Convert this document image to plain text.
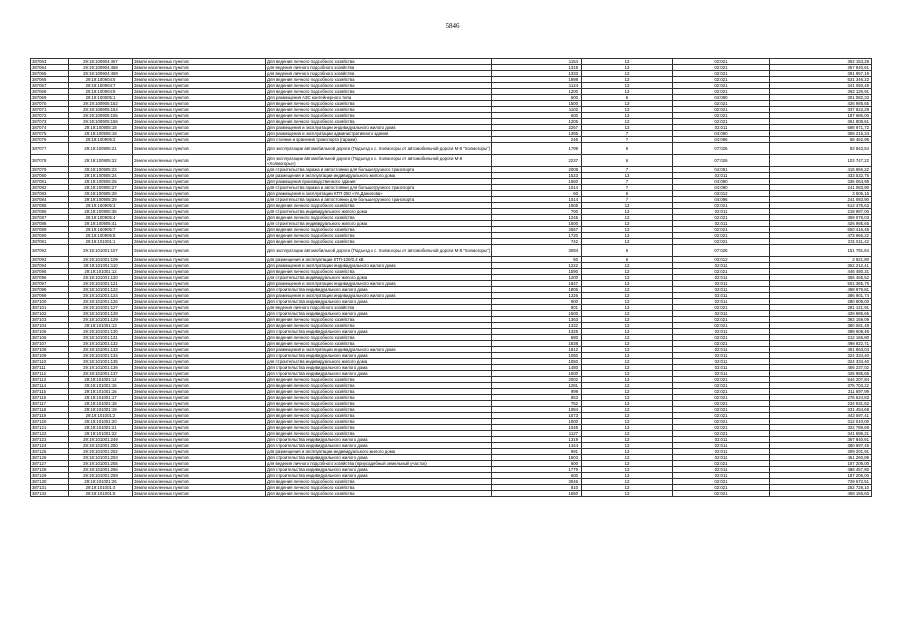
5846
387063	29:19:100904:467	Земли населенных пунктов	Для ведения личного подсобного хозяйства	1154	13	02:021	352 153,28
387064	29:19:100904:468	Земли населенных пунктов	для ведения личного подсобного хозяйства	1319	13	02:021	367 840,61
387065	29:19:100904:469	Земли населенных пунктов	для ведения личного подсобного хозяйства	1333	13	02:021	391 957,19
387066	29:19:100904:6	Земли населенных пунктов	Для ведения личного подсобного хозяйства	1998	13	02:021	531 346,22
387067	29:19:100904:7	Земли населенных пунктов	Для ведения личного подсобного хозяйства	1124	13	02:021	341 050,49
387068	29:19:100904:9	Земли населенных пунктов	Для ведения личного подсобного хозяйства	1200	13	02:021	362 126,91
387069	29:19:100905:1	Земли населенных пунктов	Для размещения АЗС контейнерного типа	600	6	04:090	301 082,33
387070	29:19:100905:152	Земли населенных пунктов	Для ведения личного подсобного хозяйства	1500	13	02:021	426 985,65
387071	29:19:100905:154	Земли населенных пунктов	Для ведения личного подсобного хозяйства	1102	13	02:021	337 822,29
387072	29:19:100905:155	Земли населенных пунктов	Для ведения личного подсобного хозяйства	600	13	02:021	187 686,00
387073	29:19:100905:156	Земли населенных пунктов	Для ведения личного подсобного хозяйства	1205	13	02:021	361 808,61
387074	29:19:100905:18	Земли населенных пунктов	Для размещения и эксплуатации индивидуального жилого дома	2267	13	02:011	598 971,72
387075	29:19:100905:19	Земли населенных пунктов	Для размещения и эксплуатации административного здания	1385	7	04:090	365 215,34
387076	29:19:100905:2	Земли населенных пунктов	Для стоянки и хранения транспорта (гаражи)	246	7	04:096	58 462,96
387077	29:19:100905:21	Земли населенных пунктов	Для эксплуатации автомобильной дороги (Подъезд к с. Холмогоры от автомобильной дороги М-8 "Холмогоры")	1799	6	07:026	83 843,54
387078	29:19:100905:22	Земли населенных пунктов	Для эксплуатации автомобильной дороги (Подъезд к с. Холмогоры от автомобильной дороги М-8 «Холмогоры»)	2237	6	07:026	103 747,22
387079	29:19:100905:23	Земли населенных пунктов	для строительства гаража и автостоянки для большегрузного транспорта	2008	7	04:091	416 966,22
387080	29:19:100905:24	Земли населенных пунктов	для размещения и эксплуатации индивидуального жилого дома	1523	13	02:011	433 532,76
387081	29:19:100905:26	Земли населенных пунктов	Для размещения производственного здания	1560	7	04:090	335 064,95
387082	29:19:100905:27	Земли населенных пунктов	для строительства гаража и автостоянки для большегрузного транспорта	1014	7	04:090	241 083,90
387083	29:19:100905:28	Земли населенных пунктов	Для размещения и эксплуатации КТП-250 «Ул.Данилова»	60	6	03:012	3 506,15
387084	29:19:100905:29	Земли населенных пунктов	для строительства гаража и автостоянки для большегрузного транспорта	1014	7	04:096	241 083,90
387085	29:19:100905:3	Земли населенных пунктов	Для ведения личного подсобного хозяйства	1905	13	02:021	512 476,63
387086	29:19:100905:35	Земли населенных пунктов	для строительства индивидуального жилого дома	700	13	02:011	218 987,00
387087	29:19:100905:4	Земли населенных пунктов	Для ведения личного подсобного хозяйства	1245	13	02:021	369 076,03
387088	29:19:100905:41	Земли населенных пунктов	для строительства индивидуального жилого дома	1500	13	02:011	426 985,65
387089	29:19:100905:7	Земли населенных пунктов	Для ведения личного подсобного хозяйства	2567	13	02:021	650 416,45
387090	29:19:100905:8	Земли населенных пунктов	Для ведения личного подсобного хозяйства	1720	13	02:021	473 866,22
387091	29:19:101001:1	Земли населенных пунктов	Для ведения личного подсобного хозяйства	742	13	02:021	231 511,42
387092	29:19:101001:107	Земли населенных пунктов	Для эксплуатации автомобильной дороги (Подъезд к с. Холмогоры от автомобильной дороги М-8 "Холмогоры")	3094	6	07:026	151 791,64
387093	29:19:101001:109	Земли населенных пунктов	для размещения и эксплуатации КТП-100/0,4 кВ	50	6	03:012	2 921,80
387094	29:19:101001:110	Земли населенных пунктов	Для размещения и эксплуатации индивидуального жилого дома	1222	13	02:011	362 212,41
387095	29:19:101001:12	Земли населенных пунктов	Для ведения личного подсобного хозяйства	1590	13	02:021	446 480,31
387096	29:19:101001:120	Земли населенных пунктов	для строительства индивидуального жилого дома	1200	13	02:011	356 455,52
387097	29:19:101001:121	Земли населенных пунктов	Для размещения и эксплуатации индивидуального жилого дома	1847	13	02:011	501 365,75
387098	29:19:101001:122	Земли населенных пунктов	Для строительства индивидуального жилого дома	1806	13	02:011	498 979,81
387099	29:19:101001:124	Земли населенных пунктов	Для размещения и эксплуатации индивидуального жилого дома	1326	13	02:011	386 901,74
387100	29:19:101001:126	Земли населенных пунктов	Для строительства индивидуального жилого дома	900	13	02:011	280 809,00
387101	29:19:101001:127	Земли населенных пунктов	для ведения личного подсобного хозяйства	901	13	02:021	281 121,91
387102	29:19:101001:128	Земли населенных пунктов	Для строительства индивидуального жилого дома	1500	13	02:011	426 985,65
387103	29:19:101001:129	Земли населенных пунктов	Для ведения личного подсобного хозяйства	1363	13	02:021	392 159,09
387104	29:19:101001:13	Земли населенных пунктов	Для ведения личного подсобного хозяйства	1332	13	02:021	380 081,48
387105	29:19:101001:130	Земли населенных пунктов	Для строительства индивидуального жилого дома	1325	13	02:011	388 608,46
387106	29:19:101001:131	Земли населенных пунктов	Для ведения личного подсобного хозяйства	680	13	02:021	212 166,80
387107	29:19:101001:132	Земли населенных пунктов	Для ведения личного подсобного хозяйства	1838	13	02:021	498 922,71
387108	29:19:101001:133	Земли населенных пунктов	Для размещения и эксплуатации индивидуального жилого дома	1812	13	02:011	491 863,04
387109	29:19:101001:134	Земли населенных пунктов	Для строительства индивидуального жилого дома	1050	13	02:011	324 334,40
387110	29:19:101001:135	Земли населенных пунктов	для строительства индивидуального жилого дома	1050	13	02:011	324 334,40
387111	29:19:101001:136	Земли населенных пунктов	Для строительства индивидуального жилого дома	1480	13	02:011	406 237,02
387112	29:19:101001:137	Земли населенных пунктов	Для строительства индивидуального жилого дома	1500	13	02:011	426 985,65
387113	29:19:101001:14	Земли населенных пунктов	Для ведения личного подсобного хозяйства	2002	13	02:021	544 207,84
387114	29:19:101001:15	Земли населенных пунктов	Для ведения личного подсобного хозяйства	1281	13	02:021	375 703,22
387115	29:19:101001:16	Земли населенных пунктов	Для ведения личного подсобного хозяйства	999	13	02:021	311 697,99
387116	29:19:101001:17	Земли населенных пунктов	Для ведения личного подсобного хозяйства	853	13	02:021	276 624,83
387117	29:19:101001:18	Земли населенных пунктов	Для ведения личного подсобного хозяйства	752	13	02:021	234 631,52
387118	29:19:101001:19	Земли населенных пунктов	Для ведения личного подсобного хозяйства	1084	13	02:021	331 454,68
387119	29:19:101001:2	Земли населенных пунктов	Для ведения личного подсобного хозяйства	1573	13	02:021	443 597,41
387120	29:19:101001:20	Земли населенных пунктов	Для ведения личного подсобного хозяйства	1000	13	02:021	312 010,00
387121	29:19:101001:21	Земли населенных пунктов	Для ведения личного подсобного хозяйства	1045	13	02:021	322 789,69
387122	29:19:101001:22	Земли населенных пунктов	Для ведения личного подсобного хозяйства	1127	13	02:021	341 586,21
387123	29:19:101001:249	Земли населенных пунктов	Для строительства индивидуального жилого дома	1319	13	02:011	367 840,61
387124	29:19:101001:250	Земли населенных пунктов	Для строительства индивидуального жилого дома	1344	13	02:011	380 997,45
387125	29:19:101001:252	Земли населенных пунктов	для размещения и эксплуатации индивидуального жилого дома	991	13	02:011	309 201,91
387126	29:19:101001:253	Земли населенных пунктов	Для строительства индивидуального жилого дома	1603	13	02:011	451 260,89
387127	29:19:101001:255	Земли населенных пунктов	для ведения личного подсобного хозяйства (приусадебный земельный участок)	600	13	02:021	187 206,00
387128	29:19:101001:256	Земли населенных пунктов	Для строительства индивидуального жилого дома	1779	13	02:011	486 457,80
387129	29:19:101001:259	Земли населенных пунктов	Для строительства индивидуального жилого дома	600	13	02:011	187 206,00
387130	29:19:101001:26	Земли населенных пунктов	Для ведения личного подсобного хозяйства	3046	13	02:021	729 672,51
387131	29:19:101001:4	Земли населенных пунктов	Для ведения личного подсобного хозяйства	810	13	02:021	252 728,10
387132	29:19:101001:5	Земли населенных пунктов	Для ведения личного подсобного хозяйства	1650	13	02:021	458 156,60
